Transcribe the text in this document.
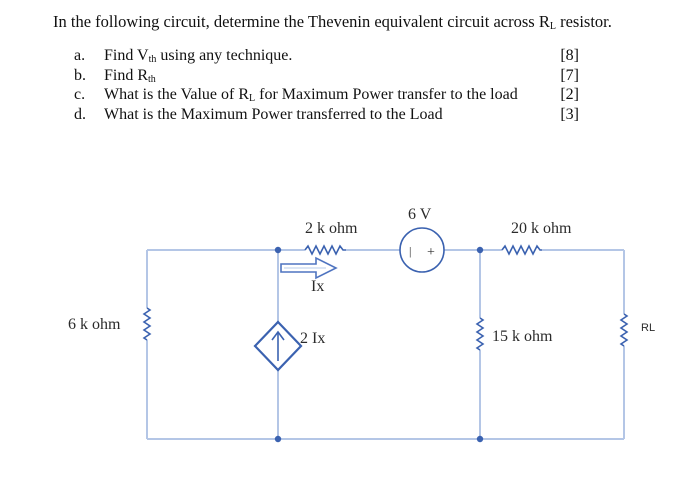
In the following circuit, determine the Thevenin equivalent circuit across $R_L$ resistor.
a. Find $V_{th}$ using any technique.	[8]
b. Find $R_{th}$	[7]
c. What is the Value of $R_L$ for Maximum Power transfer to the load	[2]
d. What is the Maximum Power transferred to the Load	[3]
6 k ohm
2 k ohm
Ix
2 Ix
6 V
| +
20 k ohm
15 k ohm	RL
